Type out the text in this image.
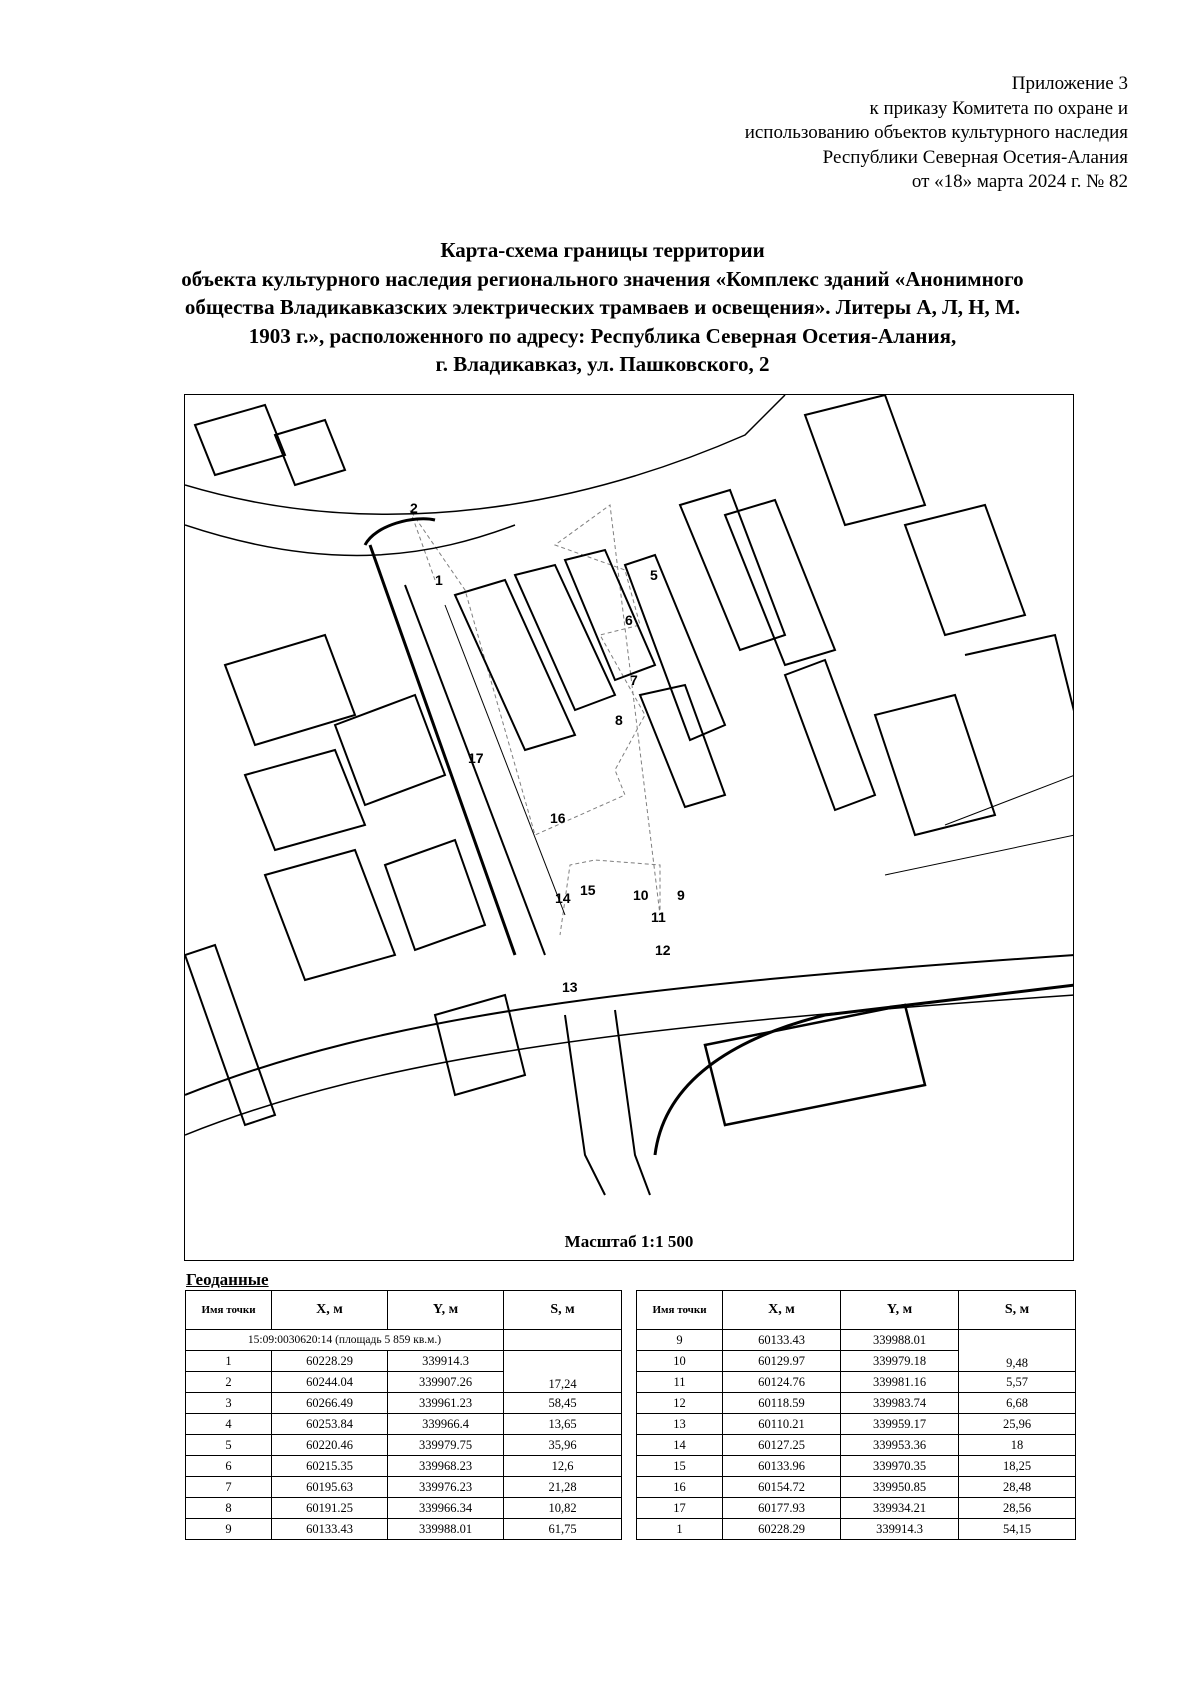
Приложение 3
к приказу Комитета по охране и
использованию объектов культурного наследия
Республики Северная Осетия-Алания
от «18» марта 2024 г. № 82
Карта-схема границы территории
объекта культурного наследия регионального значения «Комплекс зданий «Анонимного
общества Владикавказских электрических трамваев и освещения». Литеры А, Л, Н, М.
1903 г.», расположенного по адресу: Республика Северная Осетия-Алания,
г. Владикавказ, ул. Пашковского, 2
1
2
5
6
7
8
9
10
11
12
13
14 15
16
17
Масштаб 1:1 500
Геоданные
Имя точки	X, м	Y, м	S, м
15:09:0030620:14 (площадь 5 859 кв.м.)			
1	60228.29	339914.3	17,24
2	60244.04	339907.26	
3	60266.49	339961.23	58,45
4	60253.84	339966.4	13,65
5	60220.46	339979.75	35,96
6	60215.35	339968.23	12,6
7	60195.63	339976.23	21,28
8	60191.25	339966.34	10,82
9	60133.43	339988.01	61,75
Имя точки	X, м	Y, м	S, м
9	60133.43	339988.01	9,48
10	60129.97	339979.18	
11	60124.76	339981.16	5,57
12	60118.59	339983.74	6,68
13	60110.21	339959.17	25,96
14	60127.25	339953.36	18
15	60133.96	339970.35	18,25
16	60154.72	339950.85	28,48
17	60177.93	339934.21	28,56
1	60228.29	339914.3	54,15
